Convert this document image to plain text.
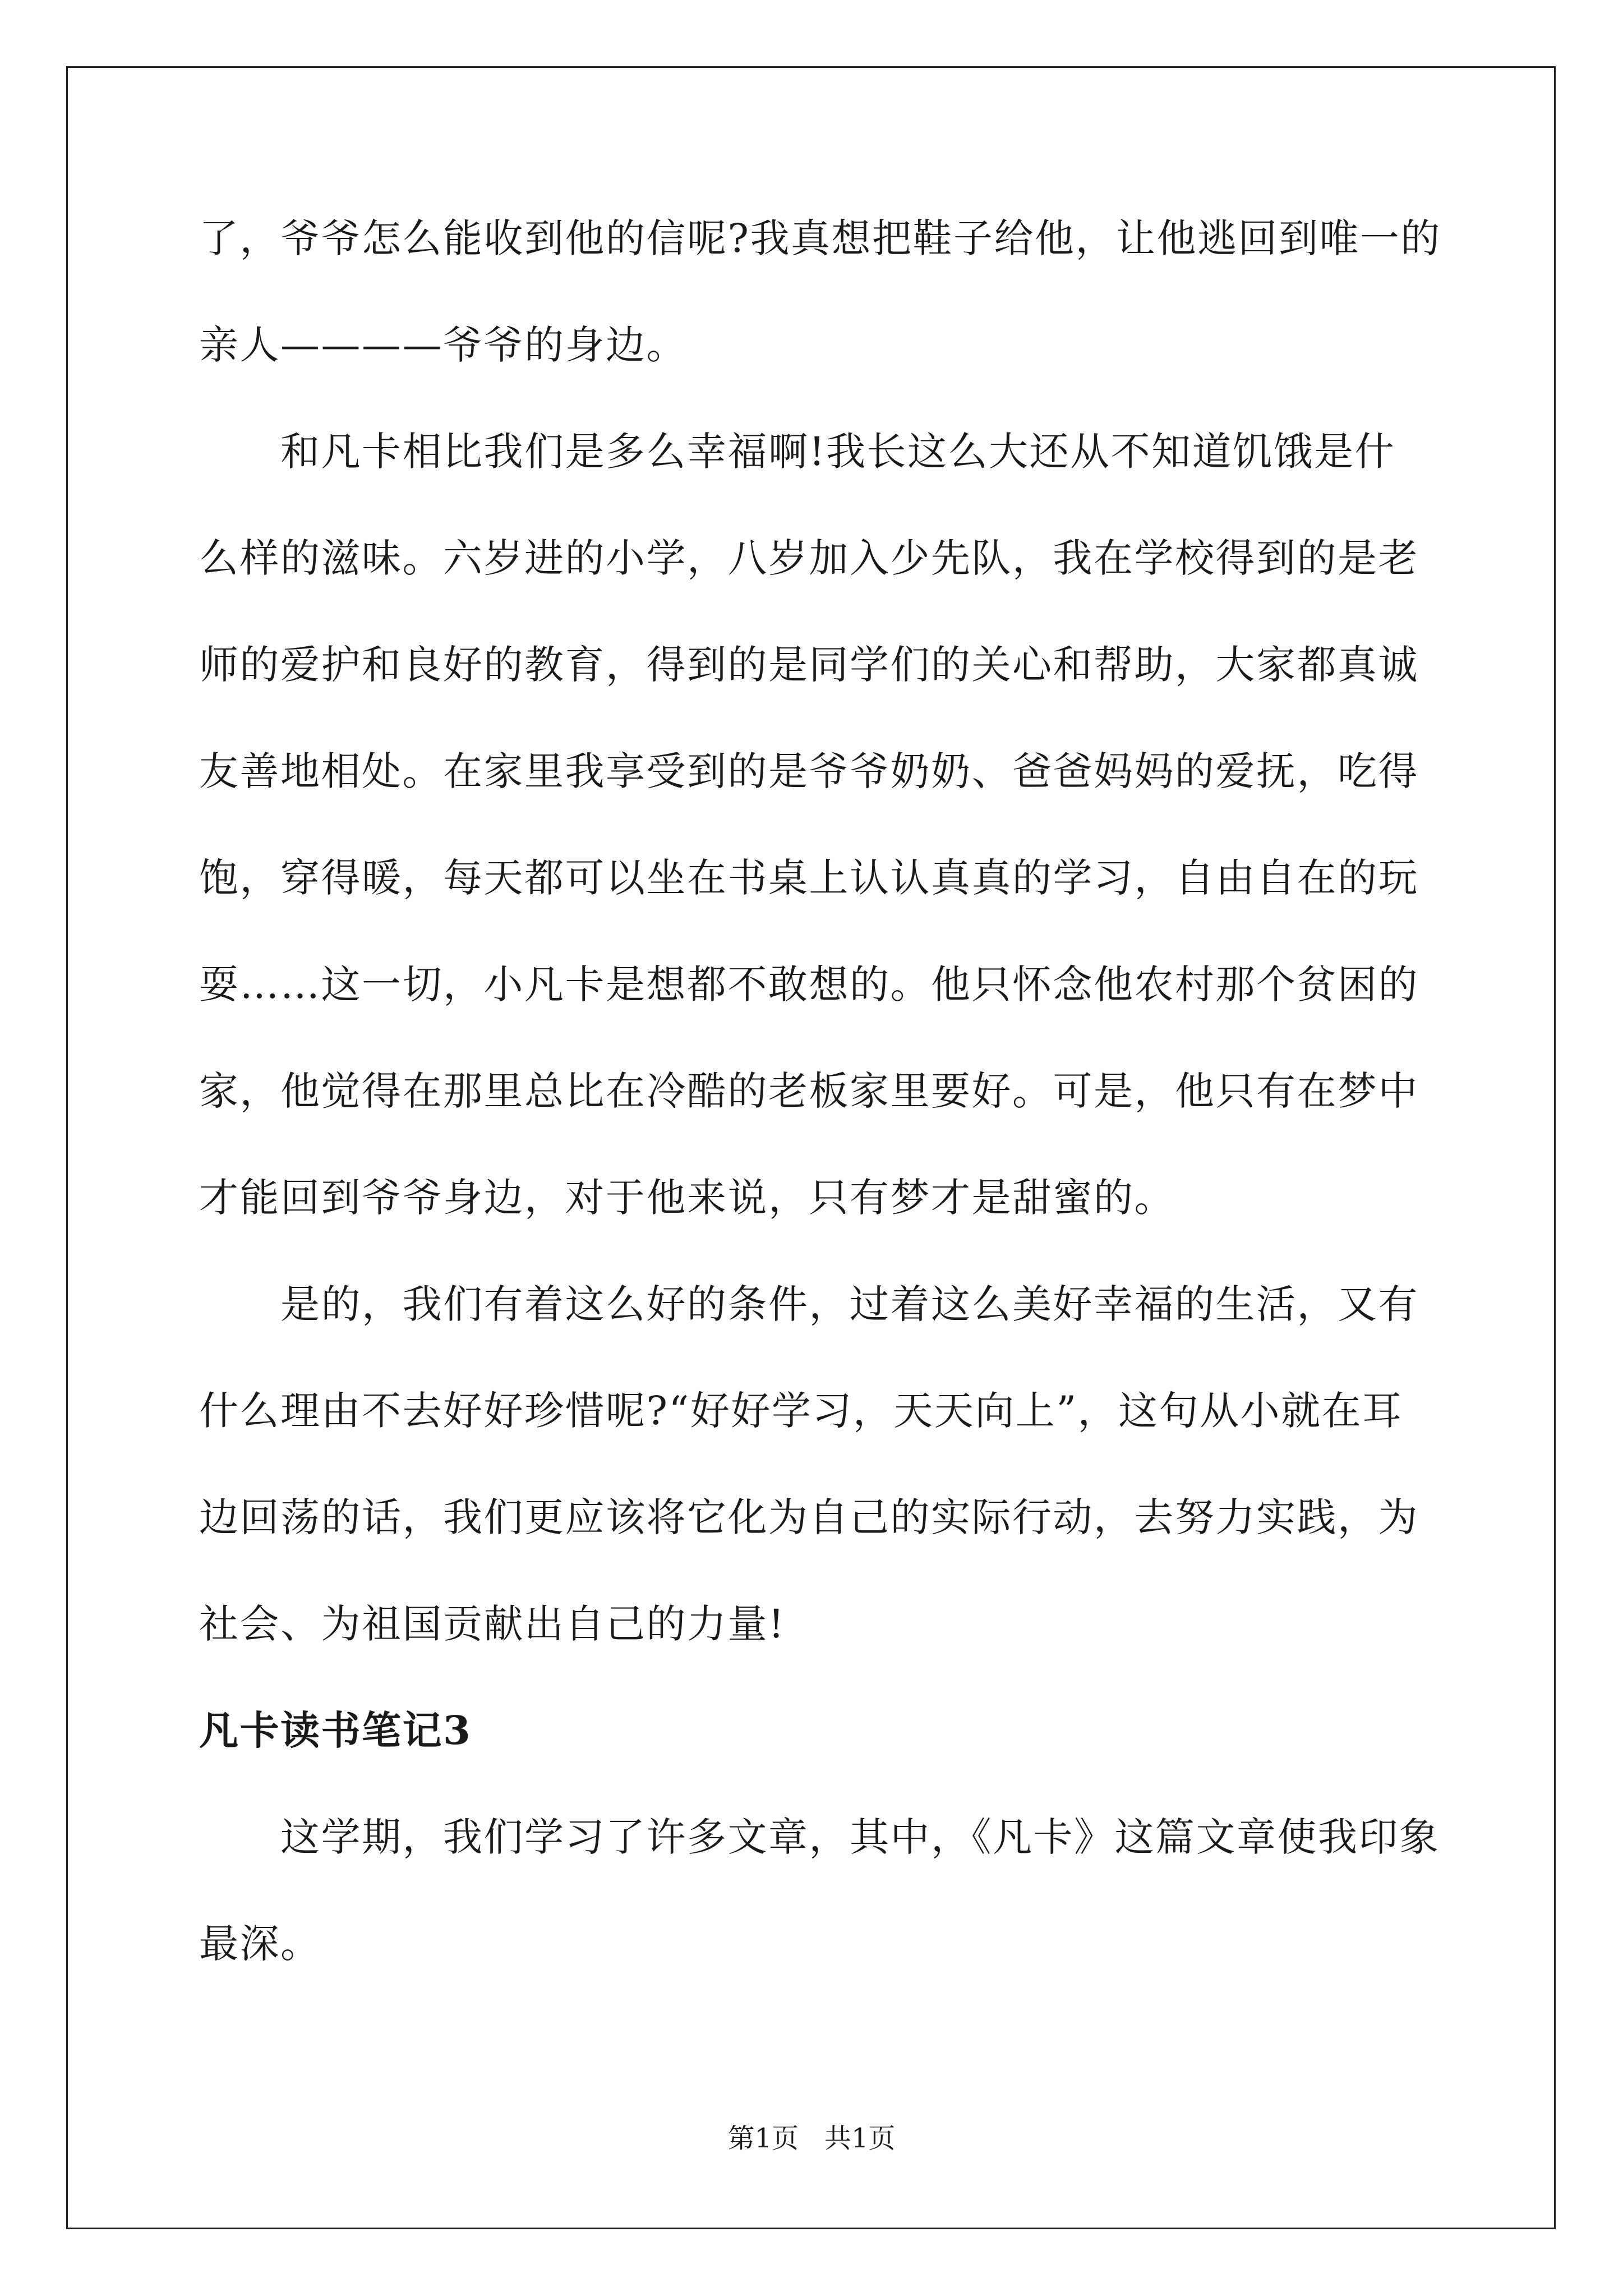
了，爷爷怎么能收到他的信呢?我真想把鞋子给他，让他逃回到唯一的

亲人————爷爷的身边。

和凡卡相比我们是多么幸福啊!我长这么大还从不知道饥饿是什

么样的滋味。六岁进的小学，八岁加入少先队，我在学校得到的是老

师的爱护和良好的教育，得到的是同学们的关心和帮助，大家都真诚

友善地相处。在家里我享受到的是爷爷奶奶、爸爸妈妈的爱抚，吃得

饱，穿得暖，每天都可以坐在书桌上认认真真的学习，自由自在的玩

耍……这一切，小凡卡是想都不敢想的。他只怀念他农村那个贫困的

家，他觉得在那里总比在冷酷的老板家里要好。可是，他只有在梦中

才能回到爷爷身边，对于他来说，只有梦才是甜蜜的。

是的，我们有着这么好的条件，过着这么美好幸福的生活，又有

什么理由不去好好珍惜呢?“好好学习，天天向上”，这句从小就在耳

边回荡的话，我们更应该将它化为自己的实际行动，去努力实践，为

社会、为祖国贡献出自己的力量!

凡卡读书笔记3

这学期，我们学习了许多文章，其中，《凡卡》这篇文章使我印象

最深。

第1页   共1页
